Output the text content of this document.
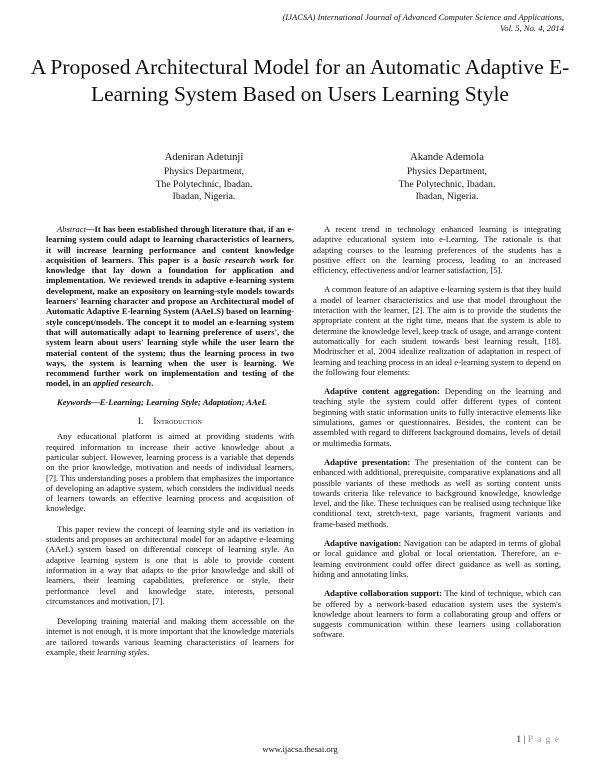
(IJACSA) International Journal of Advanced Computer Science and Applications,
Vol. 5, No. 4, 2014
A Proposed Architectural Model for an Automatic Adaptive E-Learning System Based on Users Learning Style
Adeniran Adetunji
Physics Department,
The Polytechnic, Ibadan.
Ibadan, Nigeria.
Akande Ademola
Physics Department,
The Polytechnic, Ibadan.
Ibadan, Nigeria.

Abstract—It has been established through literature that, if an e-learning system could adapt to learning characteristics of learners, it will increase learning performance and content knowledge acquisition of learners. This paper is a basic research work for knowledge that lay down a foundation for application and implementation. We reviewed trends in adaptive e-learning system development, make an expository on learning-style models towards learners' learning character and propose an Architectural model of Automatic Adaptive E-learning System (AAeLS) based on learning-style concept/models. The concept it to model an e-learning system that will automatically adapt to learning preference of users', the system learn about users' learning style while the user learn the material content of the system; thus the learning process in two ways, the system is learning when the user is learning. We recommend further work on implementation and testing of the model, in an applied research.

Keywords—E-Learning; Learning Style; Adaptation; AAeL

I. Introduction

Any educational platform is aimed at providing students with required information to increase their active knowledge about a particular subject. However, learning process is a variable that depends on the prior knowledge, motivation and needs of individual learners, [7]. This understanding poses a problem that emphasizes the importance of developing an adaptive system, which considers the individual needs of learners towards an effective learning process and acquisition of knowledge.

This paper review the concept of learning style and its variation in students and proposes an architectural model for an adaptive e-learning (AAeL) system based on differential concept of learning style. An adaptive learning system is one that is able to provide content information in a way that adapts to the prior knowledge and skill of learners, their learning capabilities, preference or style, their performance level and knowledge state, interests, personal circumstances and motivation, [7].

Developing training material and making them accessible on the internet is not enough, it is more important that the knowledge materials are tailored towards various learning characteristics of learners for example, their learning styles.

A recent trend in technology enhanced learning is integrating adaptive educational system into e-Learning. The rationale is that adapting courses to the learning preferences of the students has a positive effect on the learning process, leading to an increased efficiency, effectiveness and/or learner satisfaction, [5].

A common feature of an adaptive e-learning system is that they build a model of learner characteristics and use that model throughout the interaction with the learner, [2]. The aim is to provide the students the appropriate content at the right time, means that the system is able to determine the knowledge level, keep track of usage, and arrange content automatically for each student towards best learning result, [18]. Modritscher et al, 2004 idealize realization of adaptation in respect of learning and teaching process in an ideal e-learning system to depend on the following four elements:

Adaptive content aggregation: Depending on the learning and teaching style the system could offer different types of content beginning with static information units to fully interactive elements like simulations, games or questionnaires. Besides, the content can be assembled with regard to different background domains, levels of detail or multimedia formats.

Adaptive presentation: The presentation of the content can be enhanced with additional, prerequisite, comparative explanations and all possible variants of these methods as well as sorting content units towards criteria like relevance to background knowledge, knowledge level, and the like. These techniques can be realised using technique like conditional text, stretch-text, page variants, fragment variants and frame-based methods.

Adaptive navigation: Navigation can be adapted in terms of global or local guidance and global or local orientation. Therefore, an e-learning environment could offer direct guidance as well as sorting, hiding and annotating links.

Adaptive collaboration support: The kind of technique, which can be offered by a network-based education system uses the system's knowledge about learners to form a collaborating group and offers or suggests communication within these learners using collaboration software.

1 | P a g e
www.ijacsa.thesai.org
